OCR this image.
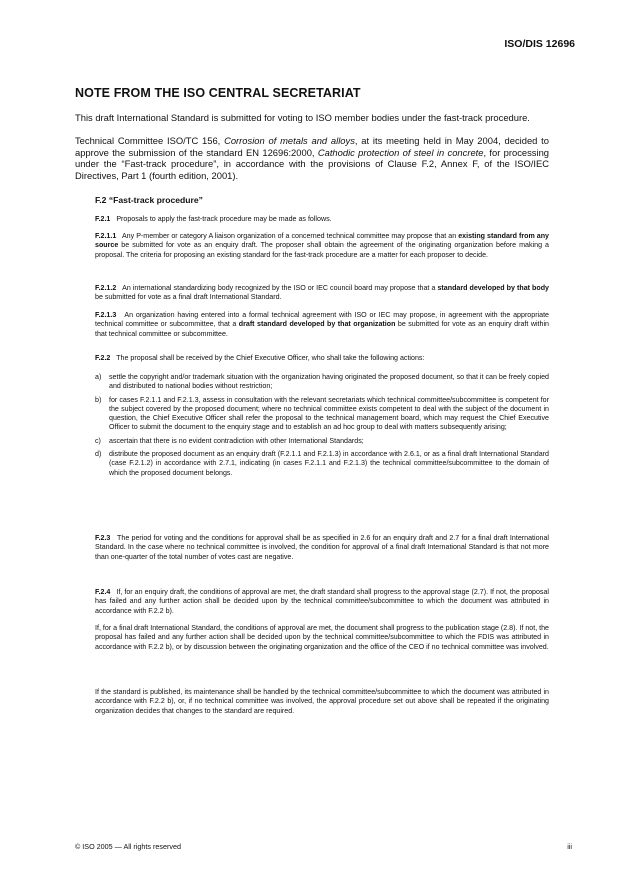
ISO/DIS 12696
NOTE FROM THE ISO CENTRAL SECRETARIAT
This draft International Standard is submitted for voting to ISO member bodies under the fast-track procedure.
Technical Committee ISO/TC 156, Corrosion of metals and alloys, at its meeting held in May 2004, decided to approve the submission of the standard EN 12696:2000, Cathodic protection of steel in concrete, for processing under the “Fast-track procedure”, in accordance with the provisions of Clause F.2, Annex F, of the ISO/IEC Directives, Part 1 (fourth edition, 2001).
F.2 “Fast-track procedure”
F.2.1 Proposals to apply the fast-track procedure may be made as follows.
F.2.1.1 Any P-member or category A liaison organization of a concerned technical committee may propose that an existing standard from any source be submitted for vote as an enquiry draft. The proposer shall obtain the agreement of the originating organization before making a proposal. The criteria for proposing an existing standard for the fast-track procedure are a matter for each proposer to decide.
F.2.1.2 An international standardizing body recognized by the ISO or IEC council board may propose that a standard developed by that body be submitted for vote as a final draft International Standard.
F.2.1.3 An organization having entered into a formal technical agreement with ISO or IEC may propose, in agreement with the appropriate technical committee or subcommittee, that a draft standard developed by that organization be submitted for vote as an enquiry draft within that technical committee or subcommittee.
F.2.2 The proposal shall be received by the Chief Executive Officer, who shall take the following actions:
a) settle the copyright and/or trademark situation with the organization having originated the proposed document, so that it can be freely copied and distributed to national bodies without restriction;
b) for cases F.2.1.1 and F.2.1.3, assess in consultation with the relevant secretariats which technical committee/subcommittee is competent for the subject covered by the proposed document; where no technical committee exists competent to deal with the subject of the document in question, the Chief Executive Officer shall refer the proposal to the technical management board, which may request the Chief Executive Officer to submit the document to the enquiry stage and to establish an ad hoc group to deal with matters subsequently arising;
c) ascertain that there is no evident contradiction with other International Standards;
d) distribute the proposed document as an enquiry draft (F.2.1.1 and F.2.1.3) in accordance with 2.6.1, or as a final draft International Standard (case F.2.1.2) in accordance with 2.7.1, indicating (in cases F.2.1.1 and F.2.1.3) the technical committee/subcommittee to the domain of which the proposed document belongs.
F.2.3 The period for voting and the conditions for approval shall be as specified in 2.6 for an enquiry draft and 2.7 for a final draft International Standard. In the case where no technical committee is involved, the condition for approval of a final draft International Standard is that not more than one-quarter of the total number of votes cast are negative.
F.2.4 If, for an enquiry draft, the conditions of approval are met, the draft standard shall progress to the approval stage (2.7). If not, the proposal has failed and any further action shall be decided upon by the technical committee/subcommittee to which the document was attributed in accordance with F.2.2 b).
If, for a final draft International Standard, the conditions of approval are met, the document shall progress to the publication stage (2.8). If not, the proposal has failed and any further action shall be decided upon by the technical committee/subcommittee to which the FDIS was attributed in accordance with F.2.2 b), or by discussion between the originating organization and the office of the CEO if no technical committee was involved.
If the standard is published, its maintenance shall be handled by the technical committee/subcommittee to which the document was attributed in accordance with F.2.2 b), or, if no technical committee was involved, the approval procedure set out above shall be repeated if the originating organization decides that changes to the standard are required.
© ISO 2005 — All rights reserved	iii
